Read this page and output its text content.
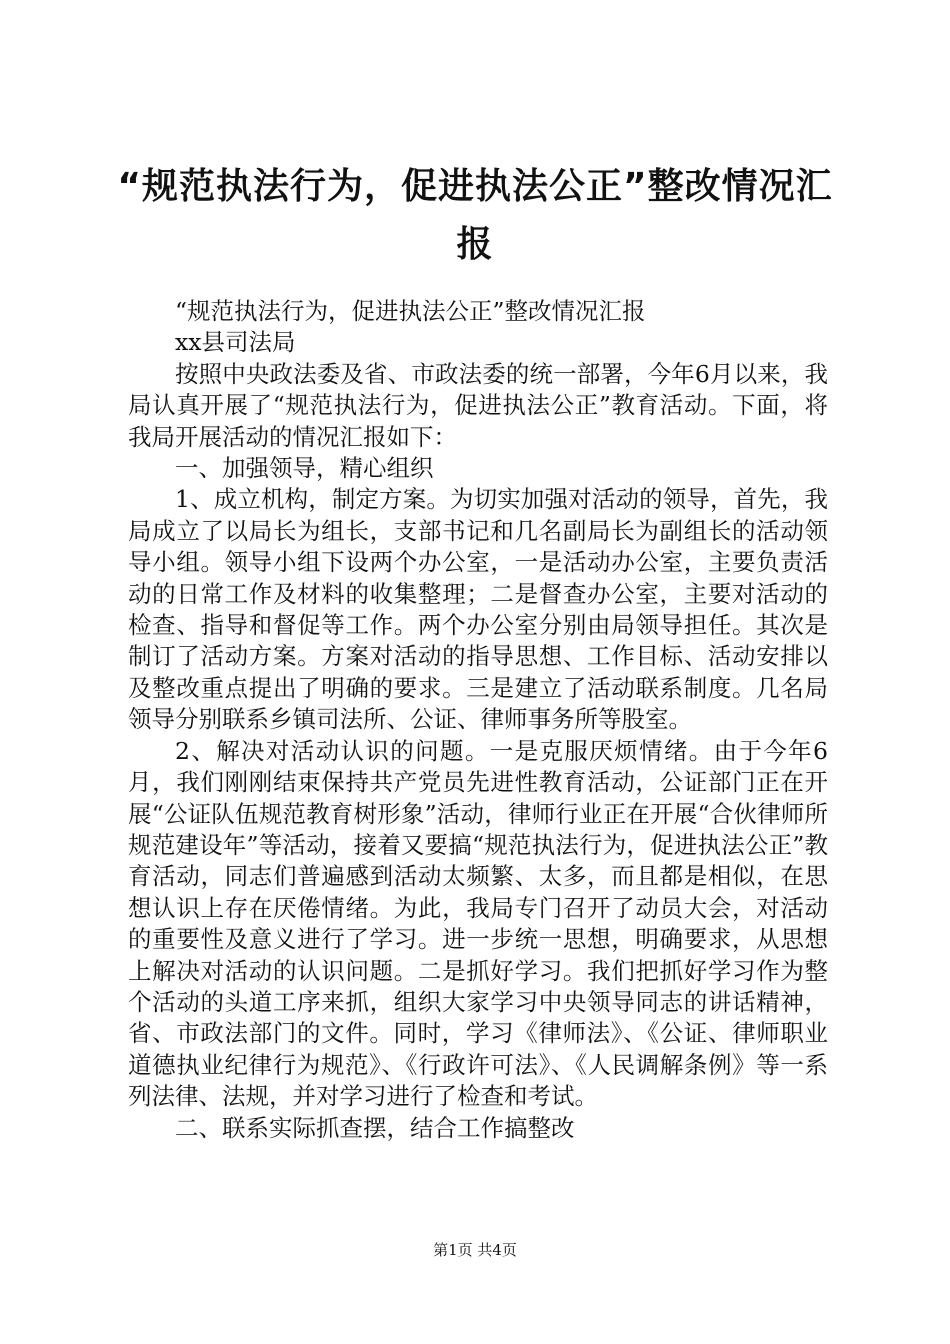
“规范执法行为，促进执法公正”整改情况汇报

“规范执法行为，促进执法公正”整改情况汇报

xx县司法局

按照中央政法委及省、市政法委的统一部署，今年6月以来，我局认真开展了“规范执法行为，促进执法公正”教育活动。下面，将我局开展活动的情况汇报如下：

一、加强领导，精心组织

1、成立机构，制定方案。为切实加强对活动的领导，首先，我局成立了以局长为组长，支部书记和几名副局长为副组长的活动领导小组。领导小组下设两个办公室，一是活动办公室，主要负责活动的日常工作及材料的收集整理；二是督查办公室，主要对活动的检查、指导和督促等工作。两个办公室分别由局领导担任。其次是制订了活动方案。方案对活动的指导思想、工作目标、活动安排以及整改重点提出了明确的要求。三是建立了活动联系制度。几名局领导分别联系乡镇司法所、公证、律师事务所等股室。

2、解决对活动认识的问题。一是克服厌烦情绪。由于今年6月，我们刚刚结束保持共产党员先进性教育活动，公证部门正在开展“公证队伍规范教育树形象”活动，律师行业正在开展“合伙律师所规范建设年”等活动，接着又要搞“规范执法行为，促进执法公正”教育活动，同志们普遍感到活动太频繁、太多，而且都是相似，在思想认识上存在厌倦情绪。为此，我局专门召开了动员大会，对活动的重要性及意义进行了学习。进一步统一思想，明确要求，从思想上解决对活动的认识问题。二是抓好学习。我们把抓好学习作为整个活动的头道工序来抓，组织大家学习中央领导同志的讲话精神，省、市政法部门的文件。同时，学习《律师法》、《公证、律师职业道德执业纪律行为规范》、《行政许可法》、《人民调解条例》等一系列法律、法规，并对学习进行了检查和考试。

二、联系实际抓查摆，结合工作搞整改

第1页 共4页
